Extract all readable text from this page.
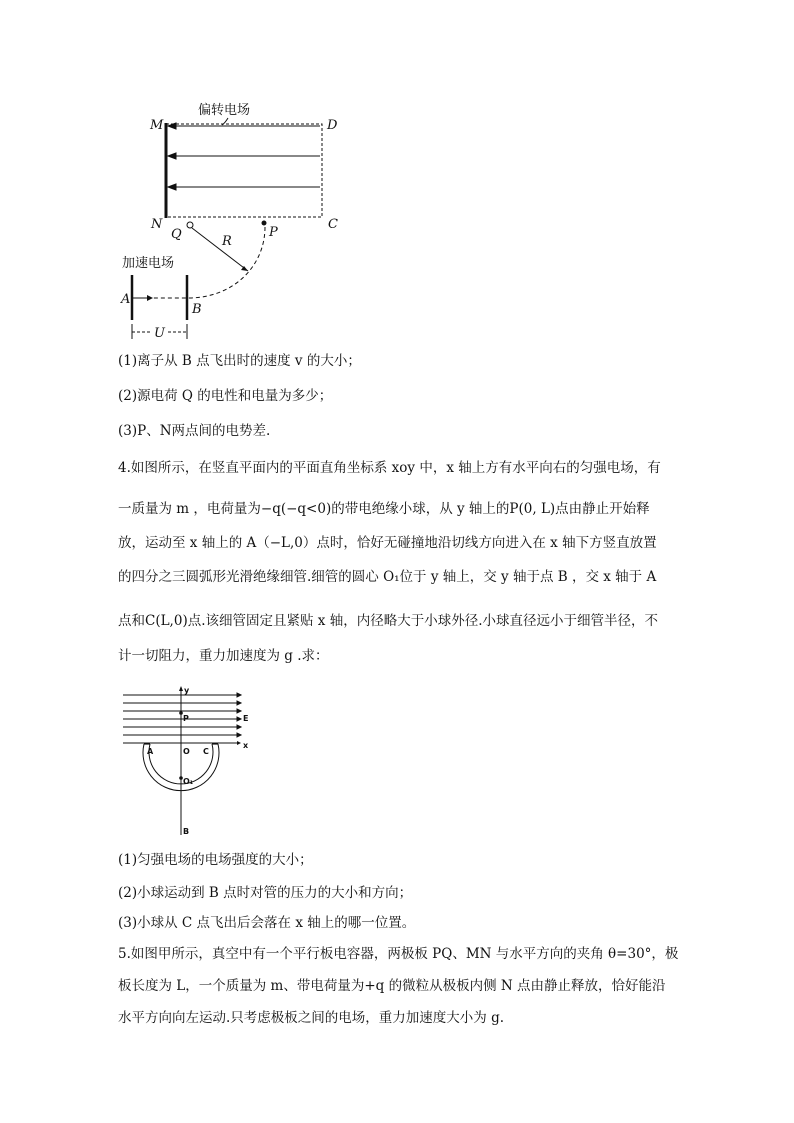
偏转电场
M	D
N	C
Q	P
R
加速电场
A
B
U
(1)离子从 B 点飞出时的速度 v 的大小；
(2)源电荷 Q 的电性和电量为多少；
(3)P、N两点间的电势差.
4.如图所示，在竖直平面内的平面直角坐标系 xoy 中，x 轴上方有水平向右的匀强电场，有
一质量为 m ，电荷量为−q(−q<0)的带电绝缘小球，从 y 轴上的P(0, L)点由静止开始释
放，运动至 x 轴上的 A（−L,0）点时，恰好无碰撞地沿切线方向进入在 x 轴下方竖直放置
的四分之三圆弧形光滑绝缘细管.细管的圆心 O₁位于 y 轴上，交 y 轴于点 B ，交 x 轴于 A
点和C(L,0)点.该细管固定且紧贴 x 轴，内径略大于小球外径.小球直径远小于细管半径，不
计一切阻力，重力加速度为 g .求：
y
P	E
A	O C
x
O₁
B
(1)匀强电场的电场强度的大小；
(2)小球运动到 B 点时对管的压力的大小和方向；
(3)小球从 C 点飞出后会落在 x 轴上的哪一位置。
5.如图甲所示，真空中有一个平行板电容器，两极板 PQ、MN 与水平方向的夹角 θ=30°，极
板长度为 L，一个质量为 m、带电荷量为+q 的微粒从极板内侧 N 点由静止释放，恰好能沿
水平方向向左运动.只考虑极板之间的电场，重力加速度大小为 g.
